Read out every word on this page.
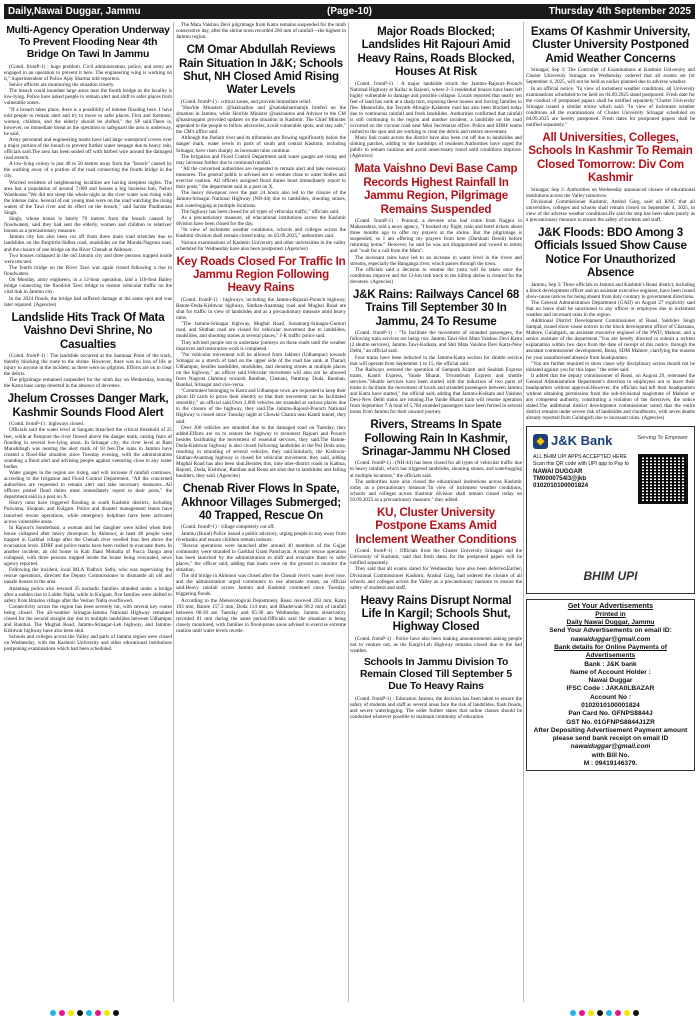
Daily,Nawai Duggar, Jammu	(Page-10)	Thursday 4th September 2025
Multi-Agency Operation Underway To Prevent Flooding Near 4th Bridge On Tawi In Jammu

(Contd. fromP-1) : huge problem. Civil administration, police, and army are engaged in an operation to prevent it here. The engineering wing is working on it," Superintendent of Police Ajay Sharma told reporters.

Senior officers are monitoring the situation closely.

The breach could inundate large areas near the fourth bridge as the locality is low-lying. Police have asked people to remain alert and shift to safer places from vulnerable zones.

"If a breach takes place, there is a possibility of intense flooding here. I have told people to remain alert and try to move to safer places. First and foremost, women, children, and the elderly should be shifted," the SP said.There is, however, no immediate threat as the operation to safeguard the area is underway, he said.

Army personnel and engineering teams have laid large waterproof covers over a major portion of the breach to prevent further water seepage due to heavy rain, officials said.The area has been sealed off with barbed wire around the damaged road stretch.

A low-lying colony is just 40 to 50 metres away from the "breach" caused by the washing away of a portion of the road connecting the fourth bridge in the city.

Worried residents of neighbouring localities are having sleepless nights. The area has a population of around 7,000 and houses a big business hub, Nehru Warehouse."We did not sleep the whole night as the river water was rising with the intense rains. Several of our young men were on the road watching the rising waters of the Tawi river and its effect on the breach," said Sardar Pradhuman Singh.

Singh, whose house is barely 70 metres from the breach caused by floodwaters, said they had sent the elderly, women and children to relatives' houses as a precautionary measure.

Jammu city has also been cut off from three main road stretches due to landslides on the Panjtirthi-Sidhra road, mudslides on the Munda-Nagrota road, and the closure of one bridge on the River Chenab at Akhnoor.

Two houses collapsed in the old Jammu city and three persons trapped inside were rescued.

The fourth bridge on the River Tawi was again closed following a rise in floodwaters.

On Monday, army engineers, in a 12-hour operation, laid a 110-foot Bailey bridge connecting the flood-hit Tawi bridge to restore vehicular traffic on the vital link in Jammu city.

In the 2024 floods, the bridge had suffered damage at the same spot and was later repaired. (Agencies)

Landslide Hits Track Of Mata Vaishno Devi Shrine, No Casualties

(Contd. fromP-1) : The landslide occurred at the Sanmaar Point of the track, thereby blocking the route to the shrine. However, there was no loss of life or injury to anyone in the incident, as there were no pilgrims. Efforts are on to clear the debris.

The pilgrimage remained suspended for the ninth day on Wednesday, leaving the Katra base camp deserted in the absence of devotees.

Jhelum Crosses Danger Mark, Kashmir Sounds Flood Alert

(Contd. fromP-1) : highways closed.

Officials said the water level at Sangam breached the critical threshold of 25 feet, while at Pampore the river flowed above the danger mark, raising fears of flooding in several low-lying areas. In Srinagar city, the river level at Ram Munshibagh was nearing the alert mark of 18 feet.The rains in Jammu have created a flood-like situation since Tuesday evening, with the administration sounding a flood alert and advising people against venturing close to any water bodies.

Water gauges in the region are rising, and will increase if rainfall continues, according to the Irrigation and Flood Control Department. "All the concerned authorities are requested to remain alert and take necessary measures...All officers posted flood duties must immediately report to their posts," the department said in a post on X.

Heavy rains have triggered flooding in south Kashmir districts, including Pulwama, Shopian, and Kulgam. Police and disaster management teams have launched rescue operations, while emergency helplines have been activated across vulnerable areas.

In Rajouri's Sunderbani, a woman and her daughter were killed when their house collapsed after heavy downpour. In Akhnoor, at least 40 people were trapped in Garkhal village after the Chenab river swelled four feet above the evacuation level. SDRF and police teams have been rushed to evacuate them. In another incident, an old house in Kali Jhani Mohalla of Pacca Danga area collapsed, with three persons trapped inside the house being evacuated, news agency reported.

Following the incident, local MLA Yudhvir Sethi, who was supervising the rescue operations, directed the Deputy Commissioner to dismantle all old and unsafe houses in the area.

Anantnag police also rescued 25 nomadic families stranded under a bridge after a sudden rise in Lidder Nalla, while in Kulgam, five families were shifted to safety from Rmaloo village after the Veshav Nalla overflowed.

Connectivity across the region has been severely hit, with several key routes being closed. The all-weather Srinagar-Jammu National Highway remained closed for the second straight day due to multiple landslides between Udhampur and Banihal. The Mughal Road, Jammu-Srinagar-Leh highway, and Jammu-Kishtwar highway have also been shut.

Schools and colleges across the Valley and parts of Jammu region were closed on Wednesday, with the Kashmir University and other educational institutions postponing examinations which had been scheduled.

The Mata Vaishno Devi pilgrimage from Katra remains suspended for the ninth consecutive day, after the shrine town recorded 200 mm of rainfall—the highest in Jammu region.

CM Omar Abdullah Reviews Rain Situation In J&K; Schools Shut, NH Closed Amid Rising Water Levels

(Contd. fromP-1) : critical zones, and provide immediate relief.

"Hon'ble Ministers @SakinaItoo and @satishsharmamjk briefed on the situation in Jammu, while Hon'ble Minister @sakinaitoo and Advisor to the CM @nasirsogami provided updates on the situation in Kashmir. The Chief Minister appealed to the people to follow advisories, avoid vulnerable spots, and stay safe," the CM's office said.

Although the Jhelum river and its tributaries are flowing significantly below the danger mark, water levels in parts of south and central Kashmir, including Srinagar, have risen sharply as incessant rains continue.

The Irrigation and Flood Control Department said water gauges are rising and may increase further due to continued rainfall.

"All the concerned authorities are requested to remain alert and take necessary measures. The general public is advised not to venture close to water bodies and exercise caution. All officers assigned flood duties must immediately report to their posts," the department said in a post on X.

The heavy downpour over the past 24 hours also led to the closure of the Jammu-Srinagar National Highway (NH-44) due to landslides, shooting stones, and waterlogging at multiple locations.

The highway has been closed for all types of vehicular traffic," officials said.

As a precautionary measure, all educational institutions across the Kashmir division have been closed for the day.

"In view of inclement weather conditions, schools and colleges across the Kashmir division shall remain closed today, on 03.09.2025," authorities said.

Various examinations of Kashmir University and other universities in the valley scheduled for Wednesday have also been postponed. (Agencies)

Key Roads Closed For Traffic In Jammu Region Following Heavy Rains

(Contd. fromP-1) : highways, including the Jammu-Rajouri-Poonch highway, Batote-Doda-Kishtwar highway, Sinthan-Anantnag road and Mughal Road are shut for traffic in view of landslides and as a precautionary measure amid heavy rains.

"The Jammu-Srinagar highway, Mughal Road, Sonamarg-Srinagar-Gumuri road, and Sinthan road are closed for vehicular movement due to landslides, mudslides, and shooting stones at several places," J-K traffic police said.

They advised people not to undertake journeys on these roads until the weather improves and restoration work is completed.

"No vehicular movement will be allowed from Jakheni (Udhampur) towards Srinagar as a stretch of land on the upper side of the road has sunk at Tharad, Udhampur, besides landslides, mudslides, and shooting stones at multiple places on the highway," an officer said.Vehicular movement will also not be allowed from Nagrota (Jammu) towards Ramban, Chenani, Patnitop, Doda, Ramban, Banihal, Srinagar and vice-versa.

"Commuters belonging to Katra and Udhampur town are requested to keep their photo ID cards to prove their identity so that their movement can be facilitated smoothly," an official said.Over 2,000 vehicles are stranded at various places due to the closure of the highway, they said.The Jammu-Rajouri-Poonch National Highway is closed since Tuesday night at Chowki Chaura near Kandi tunnel, they said.

Over 300 vehicles are stranded due to the damaged road on Tuesday, they added.Efforts are on to restore the highway to reconnect Rajouri and Poonch besides facilitating the movement of essential services, they said.The Batote-Doda-Kishtwar highway is also closed following landslides in the Pul Doda area, resulting in stranding of several vehicles, they said.Similarly, the Kishtwar-Sinthan-Anantnag highway is closed for vehicular movement, they said, adding Mughal Road has also been shut.Besides this, nine inter-district roads in Kathua, Rajouri, Doda, Kishtwar, Ramban and Reasi are shut due to landslides and falling boulders, they said. (Agencies)

Chenab River Flows In Spate, Akhnoor Villages Submerged; 40 Trapped, Rescue On

(Contd. fromP-1) : village completely cut off.

Jammu (Rural) Police issued a public advisory, urging people to stay away from riverbanks and ensure children remain indoors.

"Rescue operations were launched after around 40 members of the Gujjar community were stranded in Garkhal Gram Panchayat. A major rescue operation has been launched by the administration to shift and evacuate them to safer places," the officer said, adding that boats were on the ground to monitor the situation.

The old bridge in Akhnoor was closed after the Chenab river's water level rose, and the administration urged commuters to use alternate routes, an official said.Heavy rainfall across Jammu and Kashmir continued since Tuesday, triggering floods.

According to the Meteorological Department, Reasi received 203 mm, Katra 193 mm, Batote 157.3 mm, Doda 114 mm, and Bhaderwah 96.2 mm of rainfall between 08:30 am Tuesday and 05:30 am Wednesday. Jammu observatory recorded 81 mm during the same period.Officials said the situation is being closely monitored, with families in flood-prone areas advised to exercise extreme caution until water levels recede.

Major Roads Blocked; Landslides Hit Rajouri Amid Heavy Rains, Roads Blocked, Houses At Risk

(Contd. fromP-1) : A major landslide struck the Jammu–Rajouri–Poonch National Highway at Kallar in Rajouri, where 2–3 residential houses have been left highly vulnerable to damage and possible collapse. Locals reported that nearly ten feet of land has sunk at a sharp turn, exposing these houses and forcing families to flee. Meanwhile, the Teryath–Mougla–Kalakote road has also been blocked today due to continuous rainfall and fresh landslides. Authorities confirmed that rainfall is still continuing in the region and another incident, a landslide on the road occurred on the circular road near Mini Secretariat office. Police and SDRF teams rushed to the spot and are working to clear the debris and restore movement.

Many link roads across the district have also been cut off due to landslides and sinking patches, adding to the hardships of residents.Authorities have urged the public to remain cautious and avoid unnecessary travel until conditions improve. (Agencies)

Mata Vaishno Devi Base Camp Records Highest Rainfall In Jammu Region, Pilgrimage Remains Suspended

(Contd. fromP-1) : Pramod, a devotee who had come from Nagpur in Maharashtra, told a news agency, "I booked my flight, train and hotel tickets about three months ago to offer my prayers at the shrine. But the pilgrimage is suspended, so I am offering my prayers from here (Darshani Deodi) before returning home." However, he said he was not disappointed and vowed to return and "wait for a call from the Mata".

The incessant rains have led to an increase in water level in the rivers and streams, especially the Banganga river, which passes through the town.

The officials said a decision to resume the yatra will be taken once the conditions improve and the 12-km trek track to the hilltop shrine is cleared for the devotees. (Agencies)

J&K Rains: Railways Cancel 68 Trains Till September 30 In Jammu, 24 To Resume

(Contd. fromP-1) : "To facilitate the movement of stranded passengers, the following train services are being run: Jammu Tawi-Shri Mata Vaishno Devi Katra (2 shuttle services), Jammu Tawi-Kolkata, and Shri Mata Vaishno Devi Katra-New Delhi," an official said.

Four trains have been inducted in the Jammu-Katra section for shuttle service that will operate from September 1 to 15, the official said.

The Railways restored the operation of Sampark Kranti and Sealdah Express trains, Kantri Express, Vande Bharat, Trivandrum Express and shuttle services."Shuttle services have been started with the induction of two pairs of trains to facilitate the movement of locals and stranded passengers between Jammu and Katra have started," the official said, adding that Jammu-Kolkata and Vaishno Devi-New Delhi trains are running.The Vande Bharat train will resume operation from September 7.A total of 5,784 stranded passengers have been ferried in several trains from Jammu for their onward journey.

Rivers, Streams In Spate Following Rain In Kashmir, Srinagar-Jammu NH Closed

(Contd. fromP-1) : (NH-44) has been closed for all types of vehicular traffic due to heavy rainfall, which has triggered landslides, shooting stones, and waterlogging at multiple locations," the officials said.

The authorities have also closed the educational institutions across Kashmir today as a precautionary measure."In view of inclement weather conditions, schools and colleges across Kashmir division shall remain closed today on 03.09.2025 as a precautionary measure," they added.

KU, Cluster University Postpone Exams Amid Inclement Weather Conditions

(Contd. fromP-1) : Officials from the Cluster University Srinagar and the University of Kashmir, said that fresh dates for the postponed papers will be notified separately.

They said that all exams slated for Wednesday have also been deferred.Earlier, Divisional Commissioner Kashmir, Anshul Garg, had ordered the closure of all schools and colleges across the Valley as a precautionary measure to ensure the safety of students and staff.

Heavy Rains Disrupt Normal Life In Kargil; Schools Shut, Highway Closed

(Contd. fromP-1) : Police have also been making announcements asking people not to venture out, as the Kargil-Leh Highway remains closed due to the bad weather.

Schools In Jammu Division To Remain Closed Till September 5 Due To Heavy Rains

(Contd. fromP-1) : Education Jammu, the decision has been taken to ensure the safety of students and staff as several areas face the risk of landslides, flash floods, and severe waterlogging. The order further states that online classes should be conducted wherever possible to maintain continuity of education.

Exams Of Kashmir University, Cluster University Postponed Amid Weather Concerns

Srinagar, Sep 3: The Controller of Examinations at Kashmir University and Cluster University Srinagar on Wednesday ordered that all exams set for September 4, 2025, will not be held as earlier planned due to adverse weather.

In an official notice, "In view of inclement weather conditions, all University examinations scheduled to be held on 04.09.2025 stand postponed. Fresh date for the conduct of postponed papers shall be notified separately."Cluster University Srinagar issued a similar notice which said: "In view of inclement weather conditions all the examinations of Cluster University Srinagar scheduled on 04.09.2025 are hereby postponed. Fresh dates for postponed papers shall be notified separately."

All Universities, Colleges, Schools In Kashmir To Remain Closed Tomorrow: Div Com Kashmir

Srinagar, Sep 3: Authorities on Wednesday announced closure of educational institutions across the Valley tomorrow.

Divisional Commissioner Kashmir, Anshul Garg, said all KNC that all universities, colleges and schools shall remain closed on September 4, 2025, in view of the adverse weather conditions.He said the step has been taken purely as a precautionary measure to ensure the safety of students and staff.

J&K Floods: BDO Among 3 Officials Issued Show Cause Notice For Unauthorized Absence

Jammu, Sep 3: Three officials in Jammu and Kashmir's Reasi district, including a block development officer and an assistant executive engineer, have been issued show-cause notices for being absent from duty contrary to government directions.

The General Administration Department (GAD) on August 27 explicitly said that no leave shall be sanctioned to any officer or employee due to inclement weather and incessant rains in the region.

Additional District Development Commissioner of Reasi, Sukhdev Singh Sampal, issued show-cause notices to the block development officer of Chassana, Mahore, Gulabgarh, an assistant executive engineer of the PWD, Mahore, and a senior assistant of the department."You are hereby directed to submit a written explanation within two days from the date of receipt of this notice, through the assistant commissioner development, Reasi, SDM Mahore, clarifying the reasons for your unauthorised absence from headquarters.

"You are further required to show cause why disciplinary action should not be initiated against you for this lapse," the order said.

It added that the deputy commissioner of Reasi, on August 29, reiterated the General Administration Department's direction to employees not to leave their headquarters without approval.However, the officials had left their headquarters without obtaining permission from the sub-divisional magistrate of Mahore or any competent authority, constituting a violation of the directives, the notice stated.The additional district development commissioner noted that the entire district remains under severe risk of landslides and cloudbursts, with seven deaths already reported from Gulabgarh due to incessant rains. (Agencies)

◆ J&K Bank	Serving To Empower
ALL BHIM UPI APPS ACCEPTED HERE
Scan this QR code with UPI app to Pay to
NAWAI DUGGAR
TM0000754l3@jkb
0102010100001824
BHIM UPI
Get Your Advertisements
Printed in
Daily Nawai Duggar, Jammu
Send Your Advertisements on email ID:
nawaiduggar@gmail.com
Bank details for Online Payments of Advertisements
Bank : J&K bank
Name of Account Holder :
Nawai Duggar
IFSC Code : JAKA0LBAZAR
Account No :
0102010100001824
Pan Card No. GFNPS8844J
GST No. 01GFNPS8844J1ZR
After Depositing Advertisement Payment amount please send bank receipt on email ID
nawaiduggar@gmail.com
with Bill No.
M : 09419146379.
